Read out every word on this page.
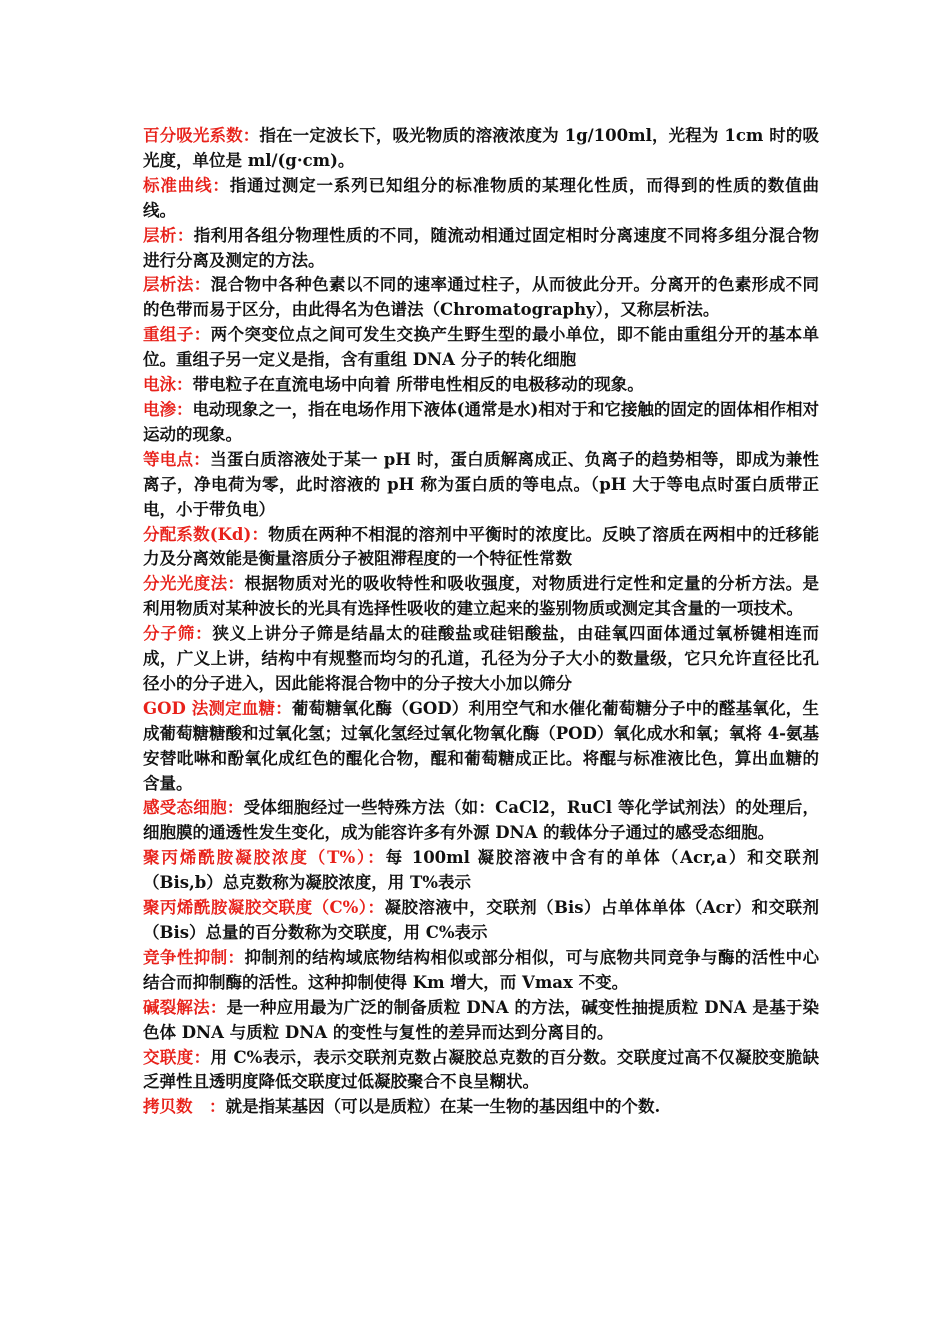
百分吸光系数：指在一定波长下，吸光物质的溶液浓度为 1g/100ml，光程为 1cm 时的吸光度，单位是 ml/(g·cm)。

标准曲线：指通过测定一系列已知组分的标准物质的某理化性质，而得到的性质的数值曲线。

层析：指利用各组分物理性质的不同，随流动相通过固定相时分离速度不同将多组分混合物进行分离及测定的方法。

层析法：混合物中各种色素以不同的速率通过柱子，从而彼此分开。分离开的色素形成不同的色带而易于区分，由此得名为色谱法（Chromatography），又称层析法。

重组子：两个突变位点之间可发生交换产生野生型的最小单位，即不能由重组分开的基本单位。重组子另一定义是指，含有重组 DNA 分子的转化细胞

电泳：带电粒子在直流电场中向着 所带电性相反的电极移动的现象。

电渗：电动现象之一，指在电场作用下液体(通常是水)相对于和它接触的固定的固体相作相对运动的现象。

等电点：当蛋白质溶液处于某一 pH 时，蛋白质解离成正、负离子的趋势相等，即成为兼性离子，净电荷为零，此时溶液的 pH 称为蛋白质的等电点。（pH 大于等电点时蛋白质带正电，小于带负电）

分配系数(Kd)：物质在两种不相混的溶剂中平衡时的浓度比。反映了溶质在两相中的迁移能力及分离效能是衡量溶质分子被阻滞程度的一个特征性常数

分光光度法：根据物质对光的吸收特性和吸收强度，对物质进行定性和定量的分析方法。是利用物质对某种波长的光具有选择性吸收的建立起来的鉴别物质或测定其含量的一项技术。

分子筛：狭义上讲分子筛是结晶太的硅酸盐或硅铝酸盐，由硅氧四面体通过氧桥键相连而成，广义上讲，结构中有规整而均匀的孔道，孔径为分子大小的数量级，它只允许直径比孔径小的分子进入，因此能将混合物中的分子按大小加以筛分

GOD 法测定血糖：葡萄糖氧化酶（GOD）利用空气和水催化葡萄糖分子中的醛基氧化，生成葡萄糖糖酸和过氧化氢；过氧化氢经过氧化物氧化酶（POD）氧化成水和氧；氧将 4-氨基安替吡啉和酚氧化成红色的醌化合物，醌和葡萄糖成正比。将醌与标准液比色，算出血糖的含量。

感受态细胞：受体细胞经过一些特殊方法（如：CaCl2，RuCl 等化学试剂法）的处理后，细胞膜的通透性发生变化，成为能容许多有外源 DNA 的载体分子通过的感受态细胞。

聚丙烯酰胺凝胶浓度（T%）：每 100ml 凝胶溶液中含有的单体（Acr,a）和交联剂（Bis,b）总克数称为凝胶浓度，用 T%表示

聚丙烯酰胺凝胶交联度（C%）：凝胶溶液中，交联剂（Bis）占单体单体（Acr）和交联剂（Bis）总量的百分数称为交联度，用 C%表示

竞争性抑制：抑制剂的结构域底物结构相似或部分相似，可与底物共同竞争与酶的活性中心结合而抑制酶的活性。这种抑制使得 Km 增大，而 Vmax 不变。

碱裂解法：是一种应用最为广泛的制备质粒 DNA 的方法，碱变性抽提质粒 DNA 是基于染色体 DNA 与质粒 DNA 的变性与复性的差异而达到分离目的。

交联度：用 C%表示，表示交联剂克数占凝胶总克数的百分数。交联度过高不仅凝胶变脆缺乏弹性且透明度降低交联度过低凝胶聚合不良呈糊状。

拷贝数　：就是指某基因（可以是质粒）在某一生物的基因组中的个数.
